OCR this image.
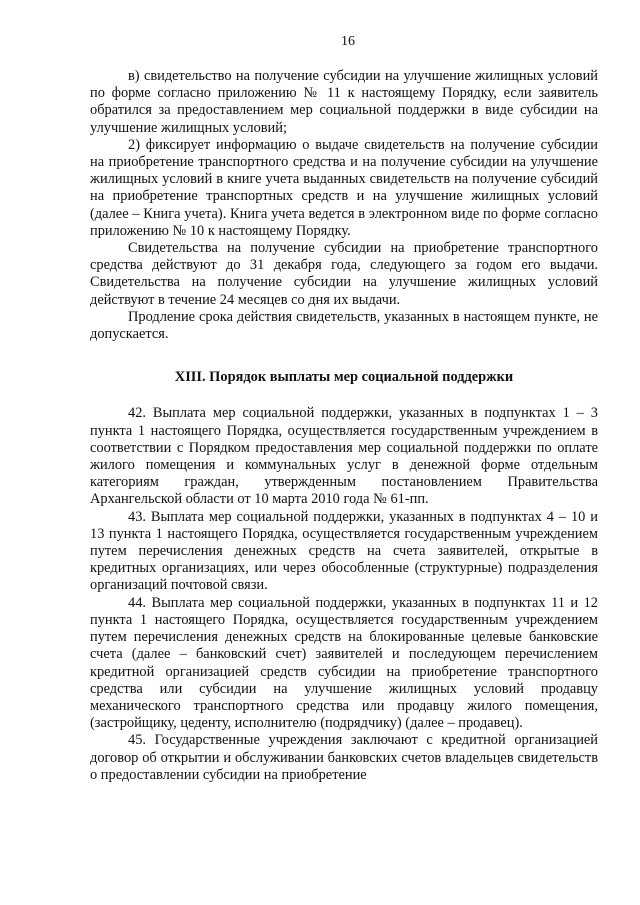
16

в) свидетельство на получение субсидии на улучшение жилищных условий по форме согласно приложению № 11 к настоящему Порядку, если заявитель обратился за предоставлением мер социальной поддержки в виде субсидии на улучшение жилищных условий;

2) фиксирует информацию о выдаче свидетельств на получение субсидии на приобретение транспортного средства и на получение субсидии на улучшение жилищных условий в книге учета выданных свидетельств на получение субсидий на приобретение транспортных средств и на улучшение жилищных условий (далее – Книга учета). Книга учета ведется в электронном виде по форме согласно приложению № 10 к настоящему Порядку.

Свидетельства на получение субсидии на приобретение транспортного средства действуют до 31 декабря года, следующего за годом его выдачи. Свидетельства на получение субсидии на улучшение жилищных условий действуют в течение 24 месяцев со дня их выдачи.

Продление срока действия свидетельств, указанных в настоящем пункте, не допускается.

XIII. Порядок выплаты мер социальной поддержки

42. Выплата мер социальной поддержки, указанных в подпунктах 1 – 3 пункта 1 настоящего Порядка, осуществляется государственным учреждением в соответствии с Порядком предоставления мер социальной поддержки по оплате жилого помещения и коммунальных услуг в денежной форме отдельным категориям граждан, утвержденным постановлением Правительства Архангельской области от 10 марта 2010 года № 61-пп.

43. Выплата мер социальной поддержки, указанных в подпунктах 4 – 10 и 13 пункта 1 настоящего Порядка, осуществляется государственным учреждением путем перечисления денежных средств на счета заявителей, открытые в кредитных организациях, или через обособленные (структурные) подразделения организаций почтовой связи.

44. Выплата мер социальной поддержки, указанных в подпунктах 11 и 12 пункта 1 настоящего Порядка, осуществляется государственным учреждением путем перечисления денежных средств на блокированные целевые банковские счета (далее – банковский счет) заявителей и последующем перечислением кредитной организацией средств субсидии на приобретение транспортного средства или субсидии на улучшение жилищных условий продавцу механического транспортного средства или продавцу жилого помещения, (застройщику, цеденту, исполнителю (подрядчику) (далее – продавец).

45. Государственные учреждения заключают с кредитной организацией договор об открытии и обслуживании банковских счетов владельцев свидетельств о предоставлении субсидии на приобретение
